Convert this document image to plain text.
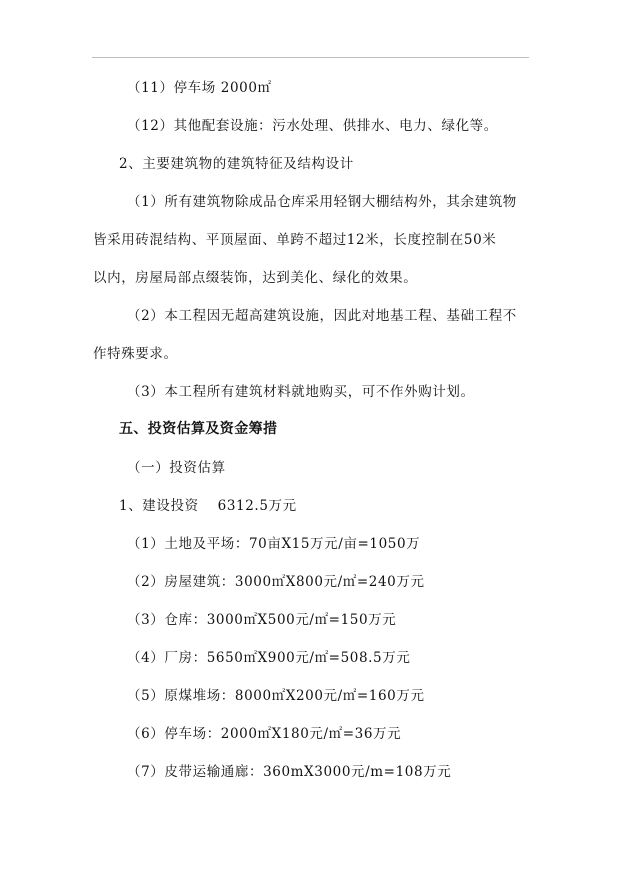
（11）停车场 2000㎡
（12）其他配套设施：污水处理、供排水、电力、绿化等。
2、主要建筑物的建筑特征及结构设计
（1）所有建筑物除成品仓库采用轻钢大棚结构外，其余建筑物
皆采用砖混结构、平顶屋面、单跨不超过12米，长度控制在50米
以内，房屋局部点缀装饰，达到美化、绿化的效果。
（2）本工程因无超高建筑设施，因此对地基工程、基础工程不
作特殊要求。
（3）本工程所有建筑材料就地购买，可不作外购计划。
五、投资估算及资金筹措
（一）投资估算
1、建设投资　 6312.5万元
（1）土地及平场：70亩X15万元/亩=1050万
（2）房屋建筑：3000㎡X800元/㎡=240万元
（3）仓库：3000㎡X500元/㎡=150万元
（4）厂房：5650㎡X900元/㎡=508.5万元
（5）原煤堆场：8000㎡X200元/㎡=160万元
（6）停车场：2000㎡X180元/㎡=36万元
（7）皮带运输通廊：360mX3000元/m=108万元
